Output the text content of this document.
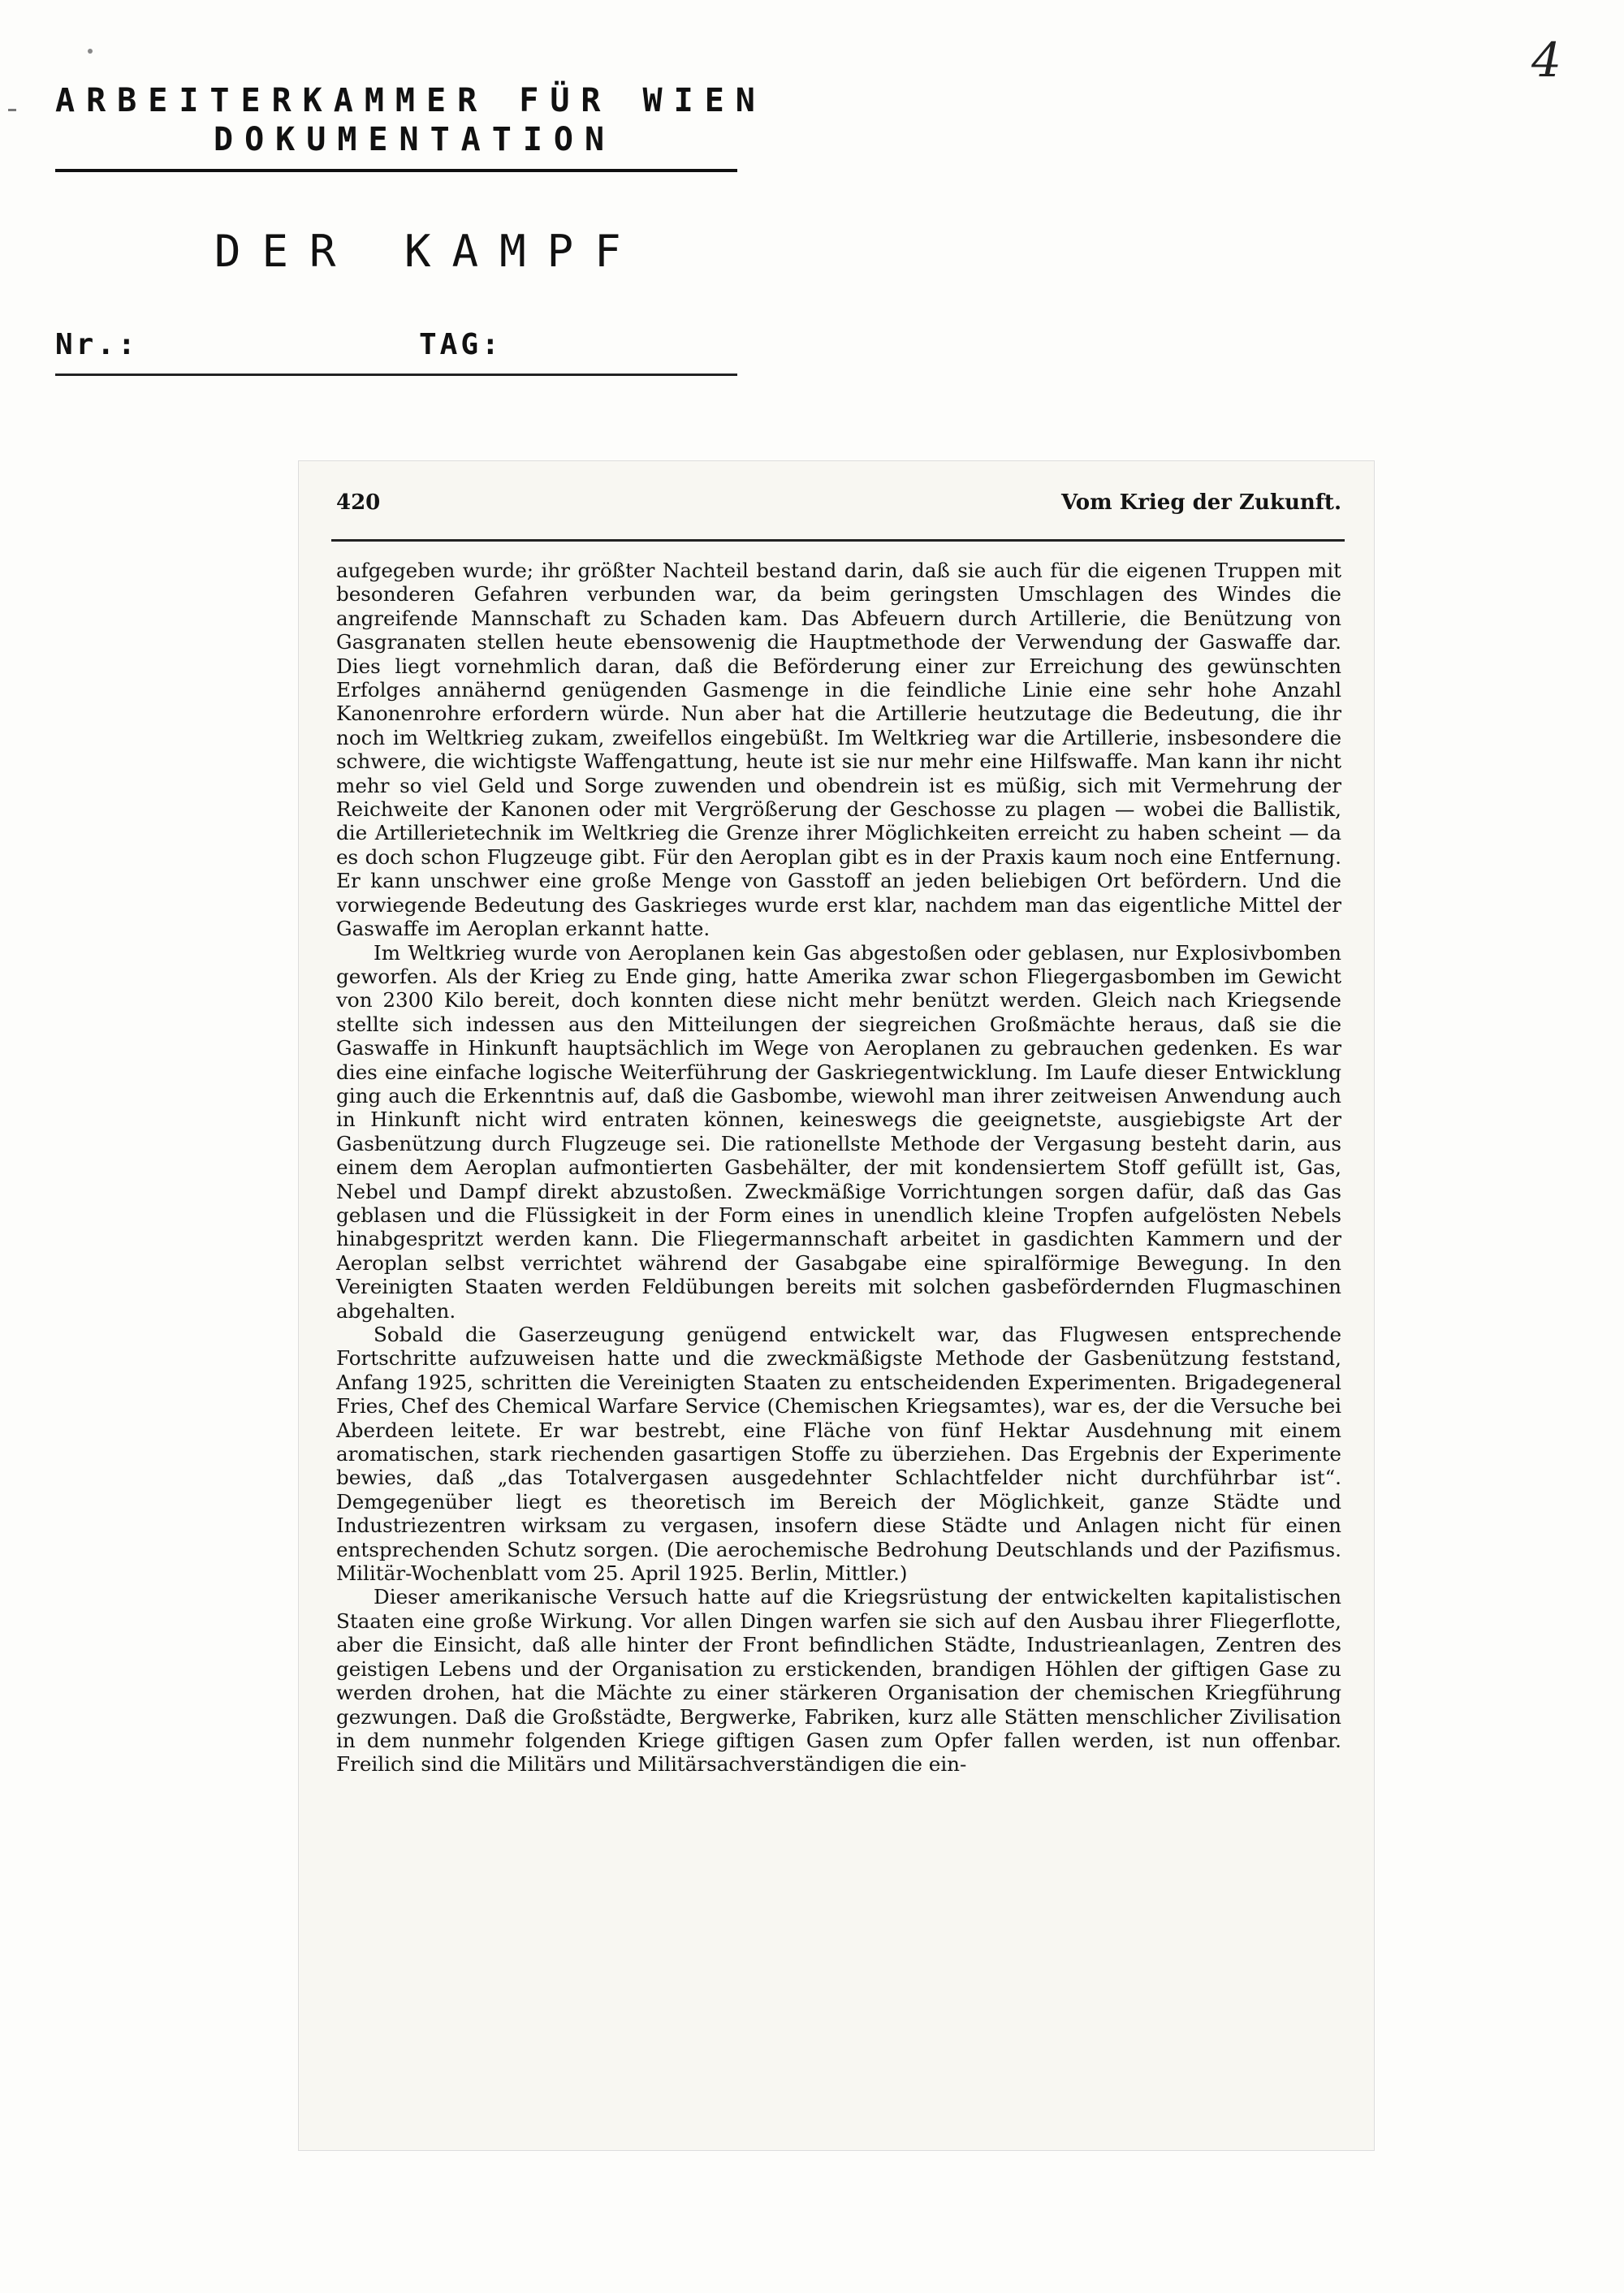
4
ARBEITERKAMMER FÜR WIEN
DOKUMENTATION
DER KAMPF
Nr.:	TAG:
420	Vom Krieg der Zukunft.

aufgegeben wurde; ihr größter Nachteil bestand darin, daß sie auch für die eigenen Truppen mit besonderen Gefahren verbunden war, da beim geringsten Umschlagen des Windes die angreifende Mannschaft zu Schaden kam. Das Abfeuern durch Artillerie, die Benützung von Gasgranaten stellen heute ebensowenig die Hauptmethode der Verwendung der Gaswaffe dar. Dies liegt vornehmlich daran, daß die Beförderung einer zur Erreichung des gewünschten Erfolges annähernd genügenden Gasmenge in die feindliche Linie eine sehr hohe Anzahl Kanonenrohre erfordern würde. Nun aber hat die Artillerie heutzutage die Bedeutung, die ihr noch im Weltkrieg zukam, zweifellos eingebüßt. Im Weltkrieg war die Artillerie, insbesondere die schwere, die wichtigste Waffengattung, heute ist sie nur mehr eine Hilfswaffe. Man kann ihr nicht mehr so viel Geld und Sorge zuwenden und obendrein ist es müßig, sich mit Vermehrung der Reichweite der Kanonen oder mit Vergrößerung der Geschosse zu plagen — wobei die Ballistik, die Artillerietechnik im Weltkrieg die Grenze ihrer Möglichkeiten erreicht zu haben scheint — da es doch schon Flugzeuge gibt. Für den Aeroplan gibt es in der Praxis kaum noch eine Entfernung. Er kann unschwer eine große Menge von Gasstoff an jeden beliebigen Ort befördern. Und die vorwiegende Bedeutung des Gaskrieges wurde erst klar, nachdem man das eigentliche Mittel der Gaswaffe im Aeroplan erkannt hatte.

Im Weltkrieg wurde von Aeroplanen kein Gas abgestoßen oder geblasen, nur Explosivbomben geworfen. Als der Krieg zu Ende ging, hatte Amerika zwar schon Fliegergasbomben im Gewicht von 2300 Kilo bereit, doch konnten diese nicht mehr benützt werden. Gleich nach Kriegsende stellte sich indessen aus den Mitteilungen der siegreichen Großmächte heraus, daß sie die Gaswaffe in Hinkunft hauptsächlich im Wege von Aeroplanen zu gebrauchen gedenken. Es war dies eine einfache logische Weiterführung der Gaskriegentwicklung. Im Laufe dieser Entwicklung ging auch die Erkenntnis auf, daß die Gasbombe, wiewohl man ihrer zeitweisen Anwendung auch in Hinkunft nicht wird entraten können, keineswegs die geeignetste, ausgiebigste Art der Gasbenützung durch Flugzeuge sei. Die rationellste Methode der Vergasung besteht darin, aus einem dem Aeroplan aufmontierten Gasbehälter, der mit kondensiertem Stoff gefüllt ist, Gas, Nebel und Dampf direkt abzustoßen. Zweckmäßige Vorrichtungen sorgen dafür, daß das Gas geblasen und die Flüssigkeit in der Form eines in unendlich kleine Tropfen aufgelösten Nebels hinabgespritzt werden kann. Die Fliegermannschaft arbeitet in gasdichten Kammern und der Aeroplan selbst verrichtet während der Gasabgabe eine spiralförmige Bewegung. In den Vereinigten Staaten werden Feldübungen bereits mit solchen gasbefördernden Flugmaschinen abgehalten.

Sobald die Gaserzeugung genügend entwickelt war, das Flugwesen entsprechende Fortschritte aufzuweisen hatte und die zweckmäßigste Methode der Gasbenützung feststand, Anfang 1925, schritten die Vereinigten Staaten zu entscheidenden Experimenten. Brigadegeneral Fries, Chef des Chemical Warfare Service (Chemischen Kriegsamtes), war es, der die Versuche bei Aberdeen leitete. Er war bestrebt, eine Fläche von fünf Hektar Ausdehnung mit einem aromatischen, stark riechenden gasartigen Stoffe zu überziehen. Das Ergebnis der Experimente bewies, daß „das Totalvergasen ausgedehnter Schlachtfelder nicht durchführbar ist“. Demgegenüber liegt es theoretisch im Bereich der Möglichkeit, ganze Städte und Industriezentren wirksam zu vergasen, insofern diese Städte und Anlagen nicht für einen entsprechenden Schutz sorgen. (Die aerochemische Bedrohung Deutschlands und der Pazifismus. Militär-Wochenblatt vom 25. April 1925. Berlin, Mittler.)

Dieser amerikanische Versuch hatte auf die Kriegsrüstung der entwickelten kapitalistischen Staaten eine große Wirkung. Vor allen Dingen warfen sie sich auf den Ausbau ihrer Fliegerflotte, aber die Einsicht, daß alle hinter der Front befindlichen Städte, Industrieanlagen, Zentren des geistigen Lebens und der Organisation zu erstickenden, brandigen Höhlen der giftigen Gase zu werden drohen, hat die Mächte zu einer stärkeren Organisation der chemischen Kriegführung gezwungen. Daß die Großstädte, Bergwerke, Fabriken, kurz alle Stätten menschlicher Zivilisation in dem nunmehr folgenden Kriege giftigen Gasen zum Opfer fallen werden, ist nun offenbar. Freilich sind die Militärs und Militärsachverständigen die ein-
